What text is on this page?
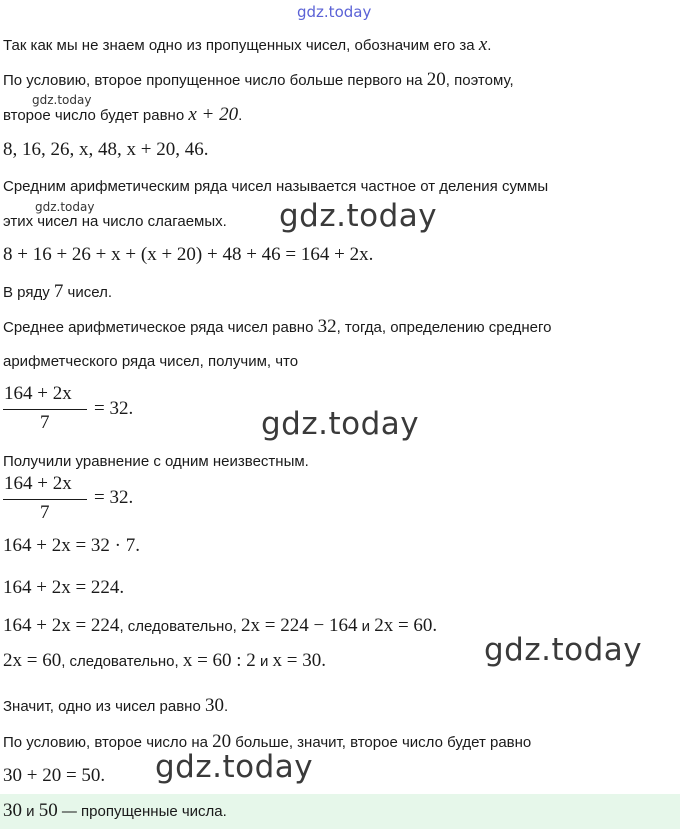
gdz.today
gdz.today
gdz.today	gdz.today
gdz.today
gdz.today
gdz.today
Так как мы не знаем одно из пропущенных чисел, обозначим его за x.
По условию, второе пропущенное число больше первого на 20, поэтому,
второе число будет равно x + 20.
8, 16, 26, x, 48, x + 20, 46.
Средним арифметическим ряда чисел называется частное от деления суммы
этих чисел на число слагаемых.
8 + 16 + 26 + x + (x + 20) + 48 + 46 = 164 + 2x.
В ряду 7 чисел.
Среднее арифметическое ряда чисел равно 32, тогда, определению среднего
арифметческого ряда чисел, получим, что
164 + 2x
7
= 32.
Получили уравнение с одним неизвестным.
164 + 2x
7
= 32.
164 + 2x = 32 · 7.
164 + 2x = 224.
164 + 2x = 224, следовательно, 2x = 224 − 164 и 2x = 60.
2x = 60, следовательно, x = 60 : 2 и x = 30.
Значит, одно из чисел равно 30.
По условию, второе число на 20 больше, значит, второе число будет равно
30 + 20 = 50.
30 и 50 — пропущенные числа.
